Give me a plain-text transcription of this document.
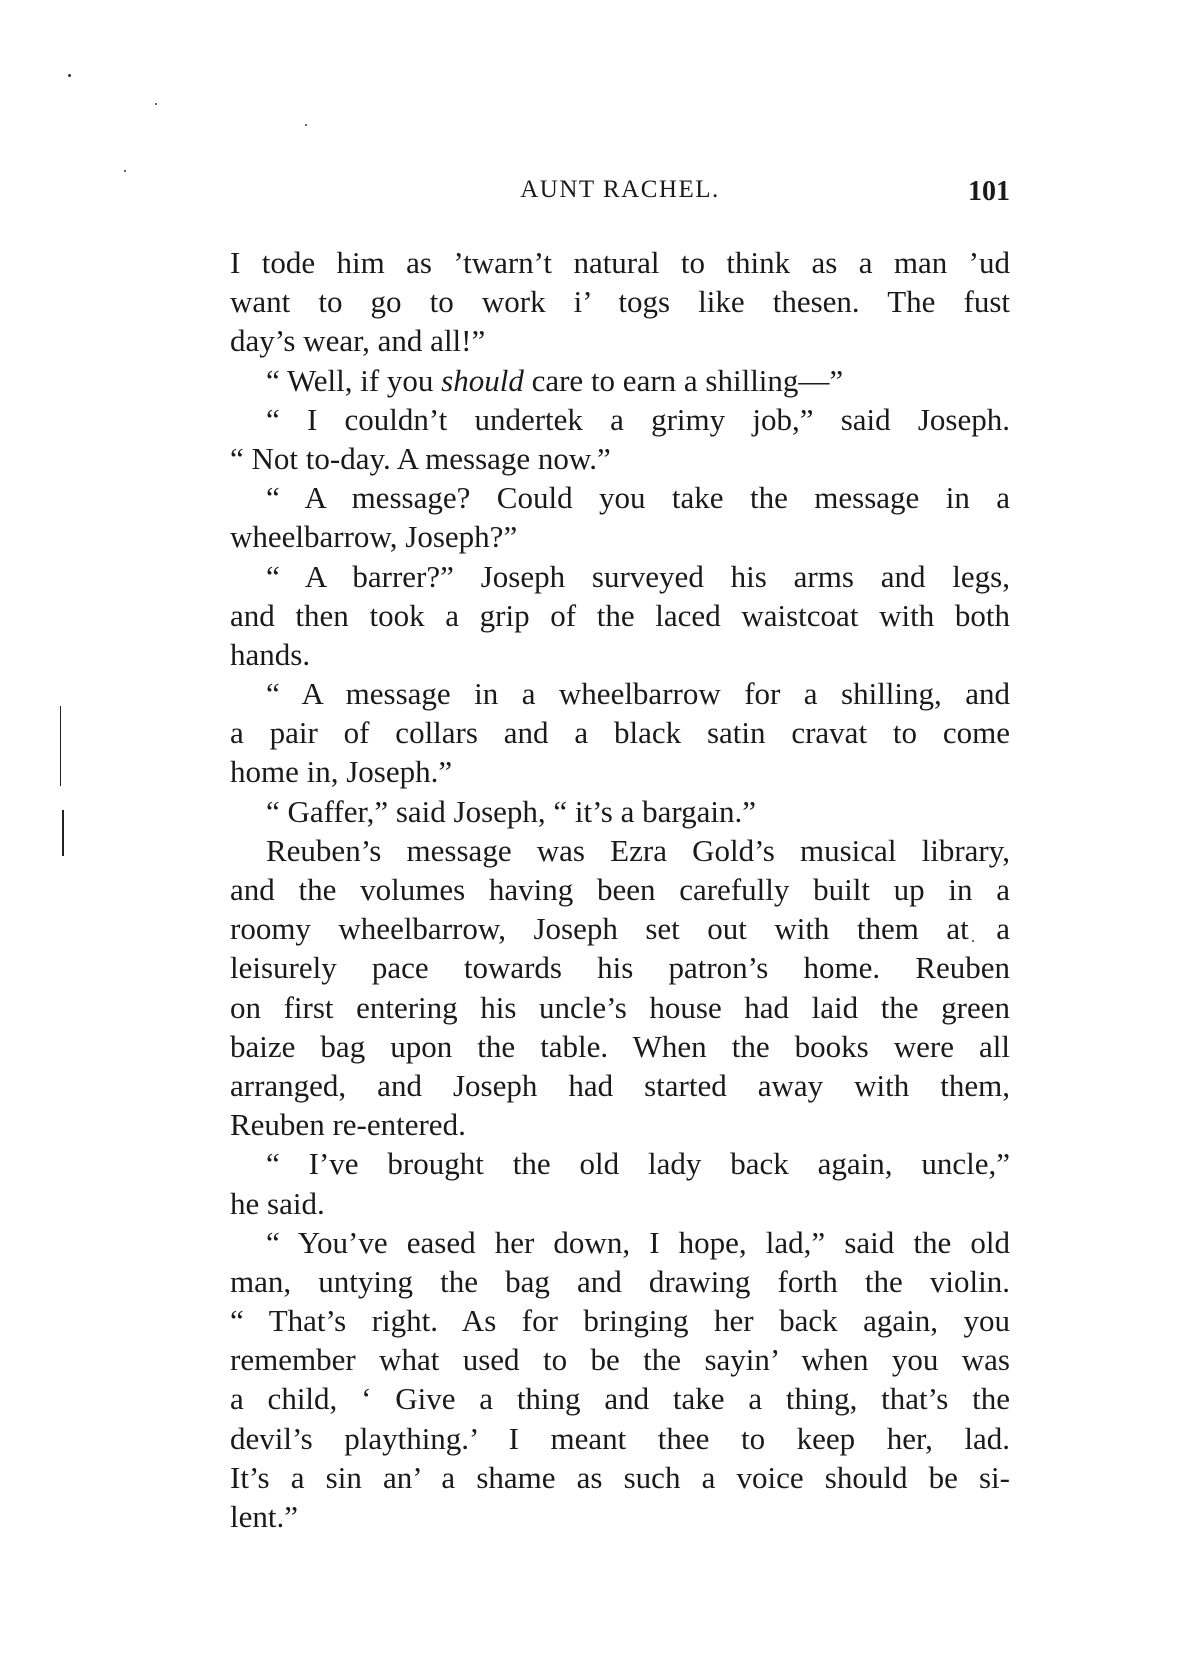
AUNT RACHEL.	101
I tode him as ’twarn’t natural to think as a man ’ud
want to go to work i’ togs like thesen. The fust
day’s wear, and all!”
“ Well, if you should care to earn a shilling—”
“ I couldn’t undertek a grimy job,” said Joseph.
“ Not to-day. A message now.”
“ A message? Could you take the message in a
wheelbarrow, Joseph?”
“ A barrer?” Joseph surveyed his arms and legs,
and then took a grip of the laced waistcoat with both
hands.
“ A message in a wheelbarrow for a shilling, and
a pair of collars and a black satin cravat to come
home in, Joseph.”
“ Gaffer,” said Joseph, “ it’s a bargain.”
Reuben’s message was Ezra Gold’s musical library,
and the volumes having been carefully built up in a
roomy wheelbarrow, Joseph set out with them at a
leisurely pace towards his patron’s home. Reuben
on first entering his uncle’s house had laid the green
baize bag upon the table. When the books were all
arranged, and Joseph had started away with them,
Reuben re-entered.
“ I’ve brought the old lady back again, uncle,”
he said.
“ You’ve eased her down, I hope, lad,” said the old
man, untying the bag and drawing forth the violin.
“ That’s right. As for bringing her back again, you
remember what used to be the sayin’ when you was
a child, ‘ Give a thing and take a thing, that’s the
devil’s plaything.’ I meant thee to keep her, lad.
It’s a sin an’ a shame as such a voice should be si-
lent.”
